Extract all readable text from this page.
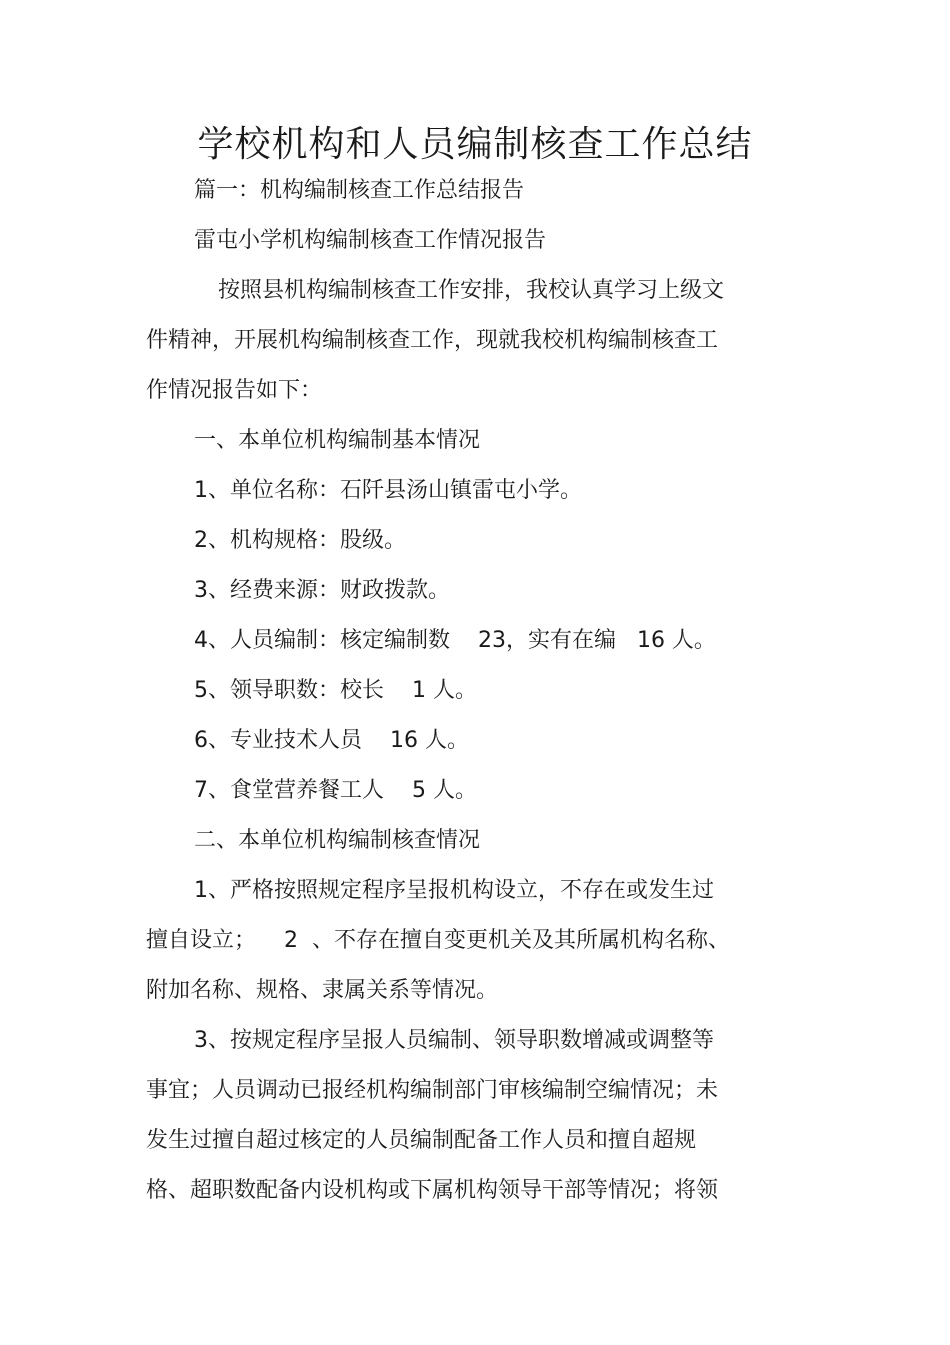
学校机构和人员编制核查工作总结
篇一：机构编制核查工作总结报告
雷屯小学机构编制核查工作情况报告
按照县机构编制核查工作安排，我校认真学习上级文
件精神，开展机构编制核查工作，现就我校机构编制核查工
作情况报告如下：
一、本单位机构编制基本情况
1、单位名称：石阡县汤山镇雷屯小学。
2、机构规格：股级。
3、经费来源：财政拨款。
4、人员编制：核定编制数    23，实有在编   16 人。
5、领导职数：校长    1 人。
6、专业技术人员    16 人。
7、食堂营养餐工人    5 人。
二、本单位机构编制核查情况
1、严格按照规定程序呈报机构设立，不存在或发生过
擅自设立；    2  、不存在擅自变更机关及其所属机构名称、
附加名称、规格、隶属关系等情况。
3、按规定程序呈报人员编制、领导职数增减或调整等
事宜；人员调动已报经机构编制部门审核编制空编情况；未
发生过擅自超过核定的人员编制配备工作人员和擅自超规
格、超职数配备内设机构或下属机构领导干部等情况；将领
